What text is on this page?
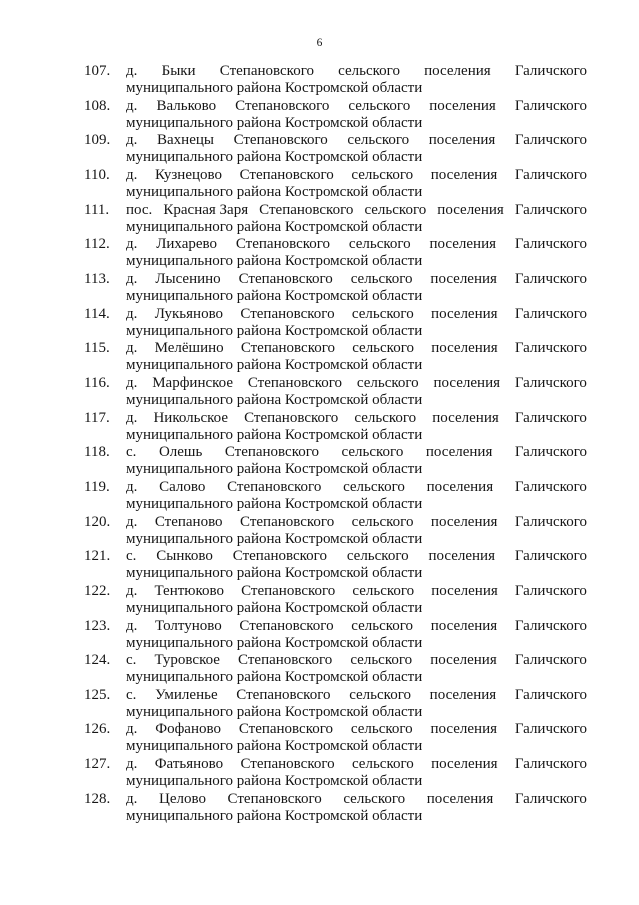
6
107.	д. Быки Степановского сельского поселения Галичского
муниципального района Костромской области
108.	д. Вальково Степановского сельского поселения Галичского
муниципального района Костромской области
109.	д. Вахнецы Степановского сельского поселения Галичского
муниципального района Костромской области
110.	д. Кузнецово Степановского сельского поселения Галичского
муниципального района Костромской области
111.	пос. Красная Заря Степановского сельского поселения Галичского
муниципального района Костромской области
112.	д. Лихарево Степановского сельского поселения Галичского
муниципального района Костромской области
113.	д. Лысенино Степановского сельского поселения Галичского
муниципального района Костромской области
114.	д. Лукьяново Степановского сельского поселения Галичского
муниципального района Костромской области
115.	д. Мелёшино Степановского сельского поселения Галичского
муниципального района Костромской области
116.	д. Марфинское Степановского сельского поселения Галичского
муниципального района Костромской области
117.	д. Никольское Степановского сельского поселения Галичского
муниципального района Костромской области
118.	с. Олешь Степановского сельского поселения Галичского
муниципального района Костромской области
119.	д. Салово Степановского сельского поселения Галичского
муниципального района Костромской области
120.	д. Степаново Степановского сельского поселения Галичского
муниципального района Костромской области
121.	с. Сынково Степановского сельского поселения Галичского
муниципального района Костромской области
122.	д. Тентюково Степановского сельского поселения Галичского
муниципального района Костромской области
123.	д. Толтуново Степановского сельского поселения Галичского
муниципального района Костромской области
124.	с. Туровское Степановского сельского поселения Галичского
муниципального района Костромской области
125.	с. Умиленье Степановского сельского поселения Галичского
муниципального района Костромской области
126.	д. Фофаново Степановского сельского поселения Галичского
муниципального района Костромской области
127.	д. Фатьяново Степановского сельского поселения Галичского
муниципального района Костромской области
128.	д. Целово Степановского сельского поселения Галичского
муниципального района Костромской области
